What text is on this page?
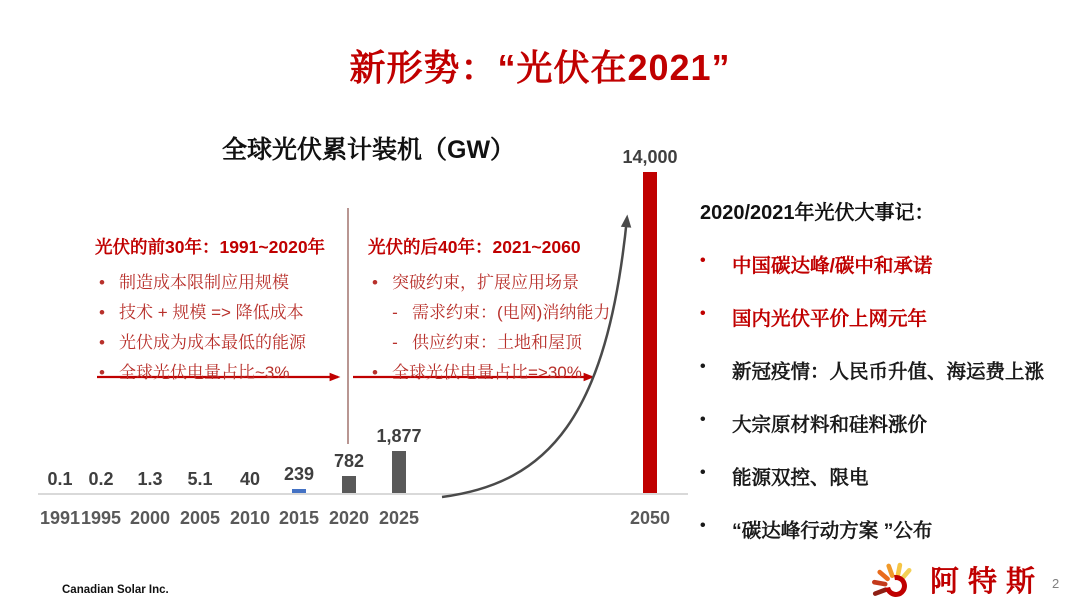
新形势：“光伏在2021”
全球光伏累计装机（GW）
0.1
1991
0.2
1995
1.3
2000
5.1
2005
40
2010
239
2015
782
2020
1,877
2025
14,000
2050
光伏的前30年：1991~2020年
• 制造成本限制应用规模
• 技术 + 规模 => 降低成本
• 光伏成为成本最低的能源
• 全球光伏电量占比~3%
光伏的后40年：2021~2060
• 突破约束，扩展应用场景
- 需求约束：(电网)消纳能力
- 供应约束：土地和屋顶
• 全球光伏电量占比=>30%
2020/2021年光伏大事记：
•	中国碳达峰/碳中和承诺
•	国内光伏平价上网元年
•	新冠疫情：人民币升值、海运费上涨
•	大宗原材料和硅料涨价
•	能源双控、限电
•	“碳达峰行动方案 ”公布
Canadian Solar Inc.	阿特斯 2
